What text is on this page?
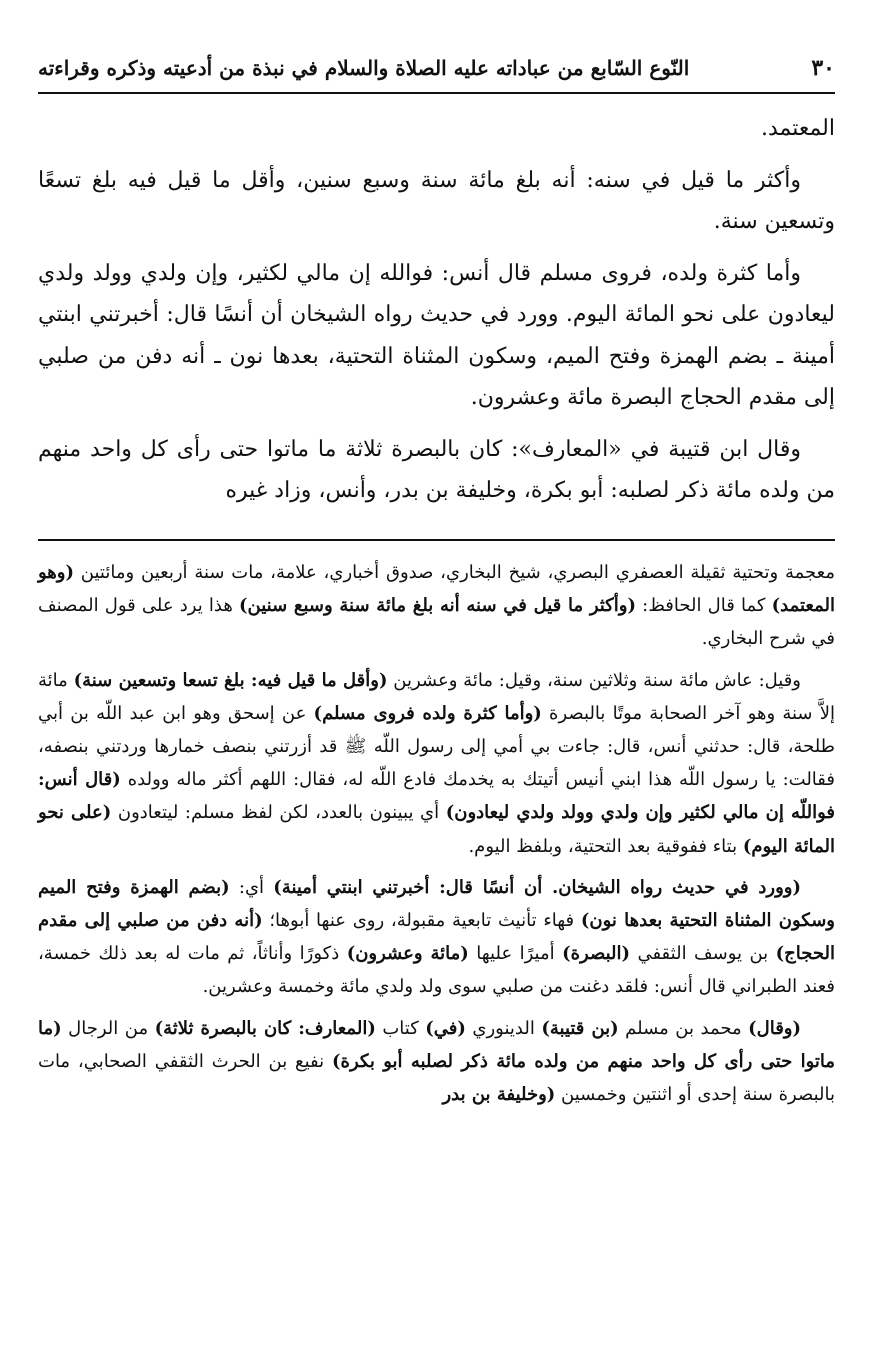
٣٠
النّوع السّابع من عباداته عليه الصلاة والسلام في نبذة من أدعيته وذكره وقراءته

المعتمد.

وأكثر ما قيل في سنه: أنه بلغ مائة سنة وسبع سنين، وأقل ما قيل فيه بلغ تسعًا وتسعين سنة.

وأما كثرة ولده، فروى مسلم قال أنس: فوالله إن مالي لكثير، وإن ولدي وولد ولدي ليعادون على نحو المائة اليوم. وورد في حديث رواه الشيخان أن أنسًا قال: أخبرتني ابنتي أمينة ـ بضم الهمزة وفتح الميم، وسكون المثناة التحتية، بعدها نون ـ أنه دفن من صلبي إلى مقدم الحجاج البصرة مائة وعشرون.

وقال ابن قتيبة في «المعارف»: كان بالبصرة ثلاثة ما ماتوا حتى رأى كل واحد منهم من ولده مائة ذكر لصلبه: أبو بكرة، وخليفة بن بدر، وأنس، وزاد غيره

معجمة وتحتية ثقيلة العصفري البصري، شيخ البخاري، صدوق أخباري، علامة، مات سنة أربعين ومائتين (وهو المعتمد) كما قال الحافظ: (وأكثر ما قيل في سنه أنه بلغ مائة سنة وسبع سنين) هذا يرد على قول المصنف في شرح البخاري.

وقيل: عاش مائة سنة وثلاثين سنة، وقيل: مائة وعشرين (وأقل ما قيل فيه: بلغ تسعا وتسعين سنة) مائة إلاَّ سنة وهو آخر الصحابة موتًا بالبصرة (وأما كثرة ولده فروى مسلم) عن إسحق وهو ابن عبد اللّه بن أبي طلحة، قال: حدثني أنس، قال: جاءت بي أمي إلى رسول اللّه ﷺ قد أزرتني بنصف خمارها وردتني بنصفه، فقالت: يا رسول اللّه هذا ابني أنيس أتيتك به يخدمك فادع اللّه له، فقال: اللهم أكثر ماله وولده (قال أنس: فواللّه إن مالي لكثير وإن ولدي وولد ولدي ليعادون) أي يبينون بالعدد، لكن لفظ مسلم: ليتعادون (على نحو المائة اليوم) بتاء ففوقية بعد التحتية، وبلفظ اليوم.

(وورد في حديث رواه الشيخان. أن أنسًا قال: أخبرتني ابنتي أمينة) أي: (بضم الهمزة وفتح الميم وسكون المثناة التحتية بعدها نون) فهاء تأنيث تابعية مقبولة، روى عنها أبوها؛ (أنه دفن من صلبي إلى مقدم الحجاج) بن يوسف الثقفي (البصرة) أميرًا عليها (مائة وعشرون) ذكورًا وأناثاً، ثم مات له بعد ذلك خمسة، فعند الطبراني قال أنس: فلقد دغنت من صلبي سوى ولد ولدي مائة وخمسة وعشرين.

(وقال) محمد بن مسلم (بن قتيبة) الدينوري (في) كتاب (المعارف: كان بالبصرة ثلاثة) من الرجال (ما ماتوا حتى رأى كل واحد منهم من ولده مائة ذكر لصلبه أبو بكرة) نفيع بن الحرث الثقفي الصحابي، مات بالبصرة سنة إحدى أو اثنتين وخمسين (وخليفة بن بدر
